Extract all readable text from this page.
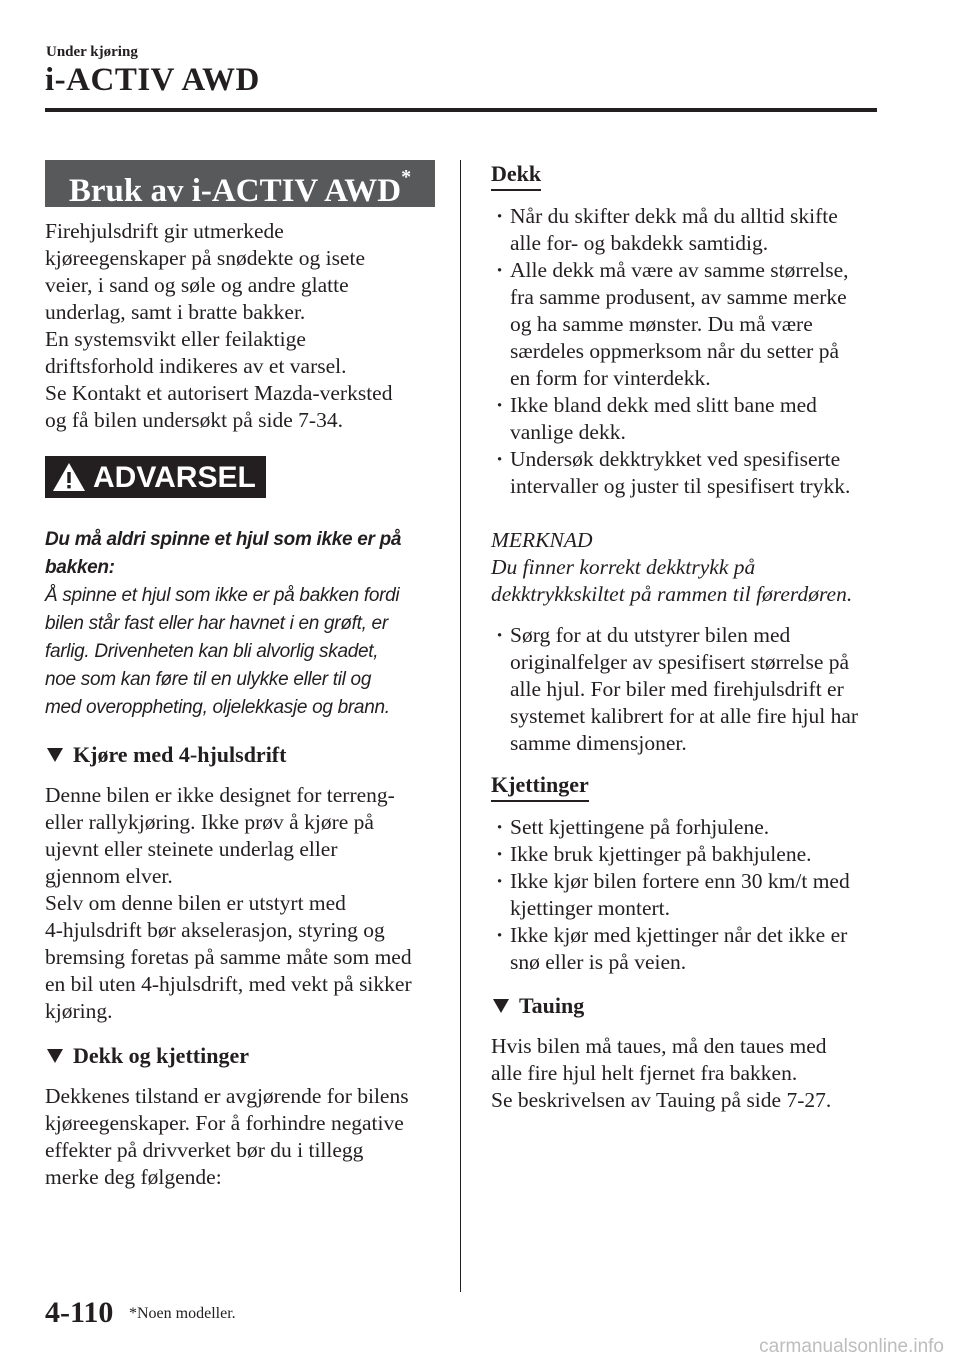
Under kjøring
i-ACTIV AWD
Bruk av i-ACTIV AWD*

Firehjulsdrift gir utmerkede

kjøreegenskaper på snødekte og isete

veier, i sand og søle og andre glatte

underlag, samt i bratte bakker.

En systemsvikt eller feilaktige

driftsforhold indikeres av et varsel.

Se Kontakt et autorisert Mazda-verksted

og få bilen undersøkt på side 7-34.

ADVARSEL

Du må aldri spinne et hjul som ikke er på

bakken:

Å spinne et hjul som ikke er på bakken fordi

bilen står fast eller har havnet i en grøft, er

farlig. Drivenheten kan bli alvorlig skadet,

noe som kan føre til en ulykke eller til og

med overoppheting, oljelekkasje og brann.

Kjøre med 4-hjulsdrift

Denne bilen er ikke designet for terreng-

eller rallykjøring. Ikke prøv å kjøre på

ujevnt eller steinete underlag eller

gjennom elver.

Selv om denne bilen er utstyrt med

4-hjulsdrift bør akselerasjon, styring og

bremsing foretas på samme måte som med

en bil uten 4-hjulsdrift, med vekt på sikker

kjøring.

Dekk og kjettinger

Dekkenes tilstand er avgjørende for bilens

kjøreegenskaper. For å forhindre negative

effekter på drivverket bør du i tillegg

merke deg følgende:

Dekk

· Når du skifter dekk må du alltid skifte

alle for- og bakdekk samtidig.

· Alle dekk må være av samme størrelse,

fra samme produsent, av samme merke

og ha samme mønster. Du må være

særdeles oppmerksom når du setter på

en form for vinterdekk.

· Ikke bland dekk med slitt bane med

vanlige dekk.

· Undersøk dekktrykket ved spesifiserte

intervaller og juster til spesifisert trykk.

MERKNAD

Du finner korrekt dekktrykk på

dekktrykkskiltet på rammen til førerdøren.

· Sørg for at du utstyrer bilen med

originalfelger av spesifisert størrelse på

alle hjul. For biler med firehjulsdrift er

systemet kalibrert for at alle fire hjul har

samme dimensjoner.

Kjettinger

· Sett kjettingene på forhjulene.

· Ikke bruk kjettinger på bakhjulene.

· Ikke kjør bilen fortere enn 30 km/t med

kjettinger montert.

· Ikke kjør med kjettinger når det ikke er

snø eller is på veien.

Tauing

Hvis bilen må taues, må den taues med

alle fire hjul helt fjernet fra bakken.

Se beskrivelsen av Tauing på side 7-27.

4-110 *Noen modeller.
carmanualsonline.info
